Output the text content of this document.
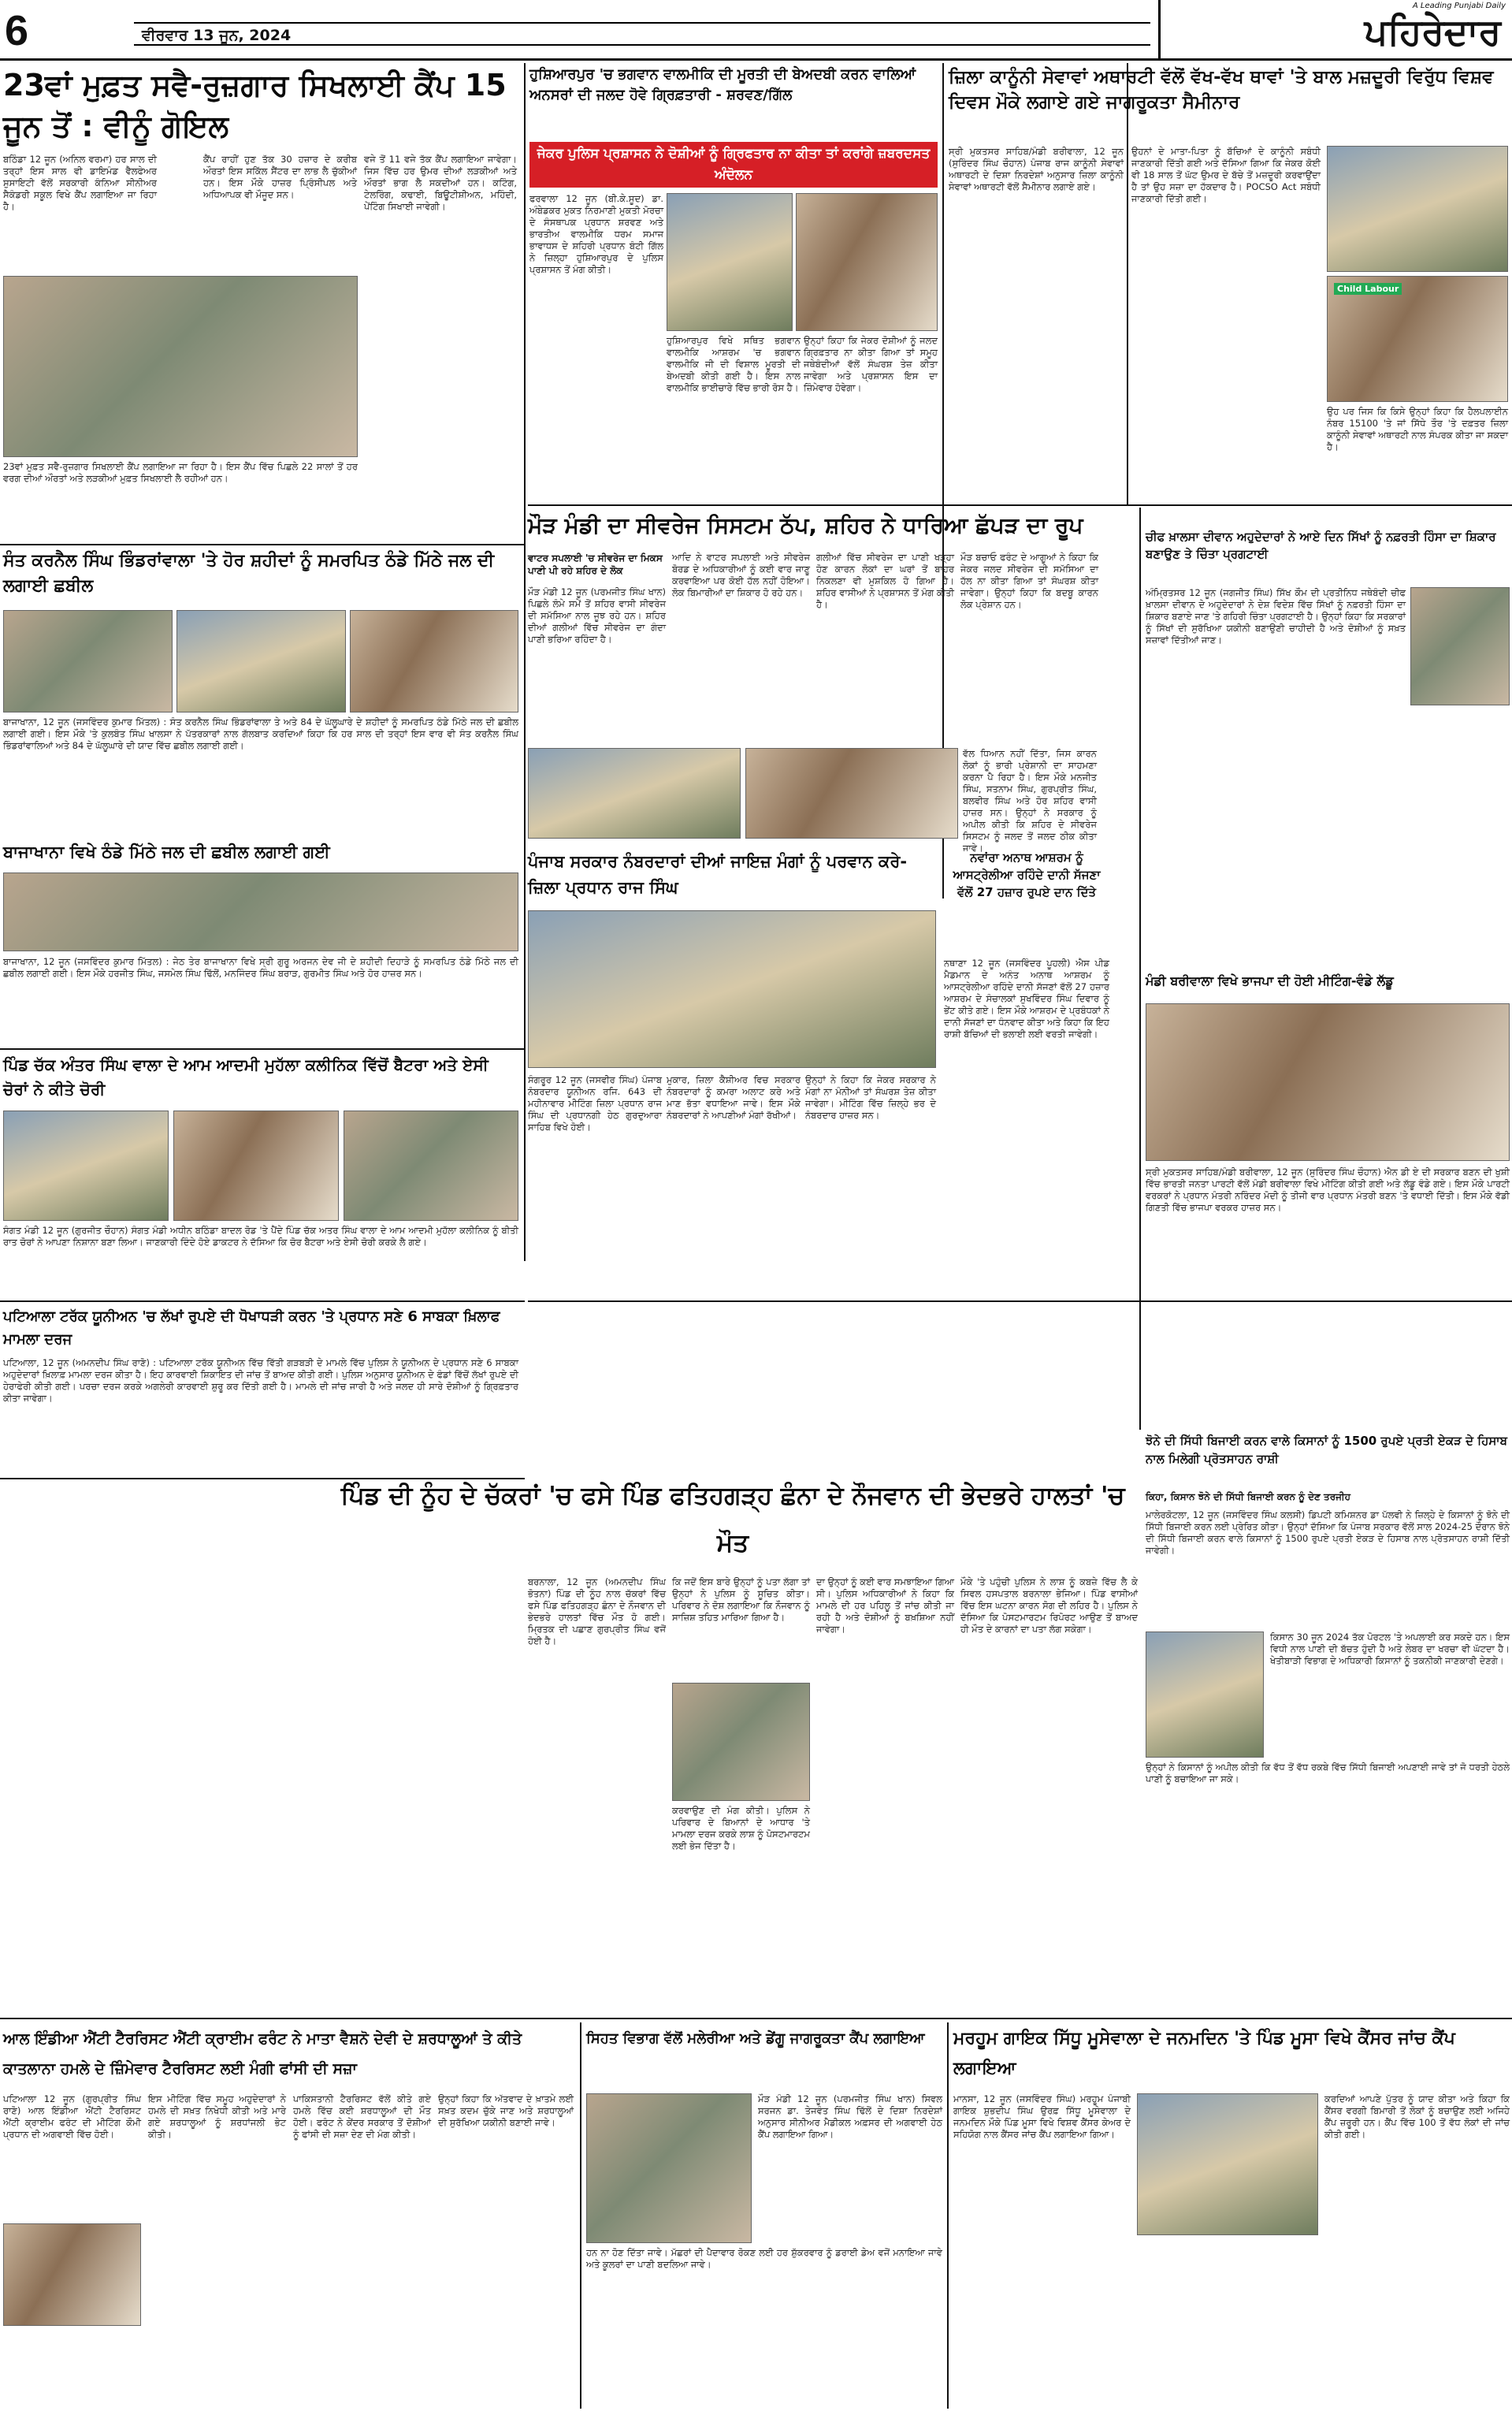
6	ਵੀਰਵਾਰ 13 ਜੂਨ, 2024
A Leading Punjabi Daily
ਪਹਿਰੇਦਾਰ
23ਵਾਂ ਮੁਫ਼ਤ ਸਵੈ-ਰੁਜ਼ਗਾਰ ਸਿਖਲਾਈ ਕੈਂਪ 15 ਜੂਨ ਤੋਂ : ਵੀਨੂੰ ਗੋਇਲ
ਬਠਿੰਡਾ 12 ਜੂਨ (ਅਨਿਲ ਵਰਮਾ) ਹਰ ਸਾਲ ਦੀ ਤਰ੍ਹਾਂ ਇਸ ਸਾਲ ਵੀ ਡਾਇਮੰਡ ਵੈਲਫੇਅਰ ਸੁਸਾਇਟੀ ਵੱਲੋਂ ਸਰਕਾਰੀ ਕੰਨਿਆ ਸੀਨੀਅਰ ਸੈਕੰਡਰੀ ਸਕੂਲ ਵਿਖੇ ਕੈਂਪ ਲਗਾਇਆ ਜਾ ਰਿਹਾ ਹੈ।
ਕੈਂਪ ਰਾਹੀਂ ਹੁਣ ਤੱਕ 30 ਹਜ਼ਾਰ ਦੇ ਕਰੀਬ ਔਰਤਾਂ ਇਸ ਸਕਿੱਲ ਸੈਂਟਰ ਦਾ ਲਾਭ ਲੈ ਚੁੱਕੀਆਂ ਹਨ। ਇਸ ਮੌਕੇ ਹਾਜ਼ਰ ਪ੍ਰਿੰਸੀਪਲ ਅਤੇ ਅਧਿਆਪਕ ਵੀ ਮੌਜੂਦ ਸਨ।
ਵਜੇ ਤੋਂ 11 ਵਜੇ ਤੱਕ ਕੈਂਪ ਲਗਾਇਆ ਜਾਵੇਗਾ। ਜਿਸ ਵਿੱਚ ਹਰ ਉਮਰ ਦੀਆਂ ਲੜਕੀਆਂ ਅਤੇ ਔਰਤਾਂ ਭਾਗ ਲੈ ਸਕਦੀਆਂ ਹਨ। ਕਟਿੰਗ, ਟੇਲਰਿੰਗ, ਕਢਾਈ, ਬਿਊਟੀਸ਼ੀਅਨ, ਮਹਿੰਦੀ, ਪੇਂਟਿੰਗ ਸਿਖਾਈ ਜਾਵੇਗੀ।
23ਵਾਂ ਮੁਫ਼ਤ ਸਵੈ-ਰੁਜ਼ਗਾਰ ਸਿਖਲਾਈ ਕੈਂਪ ਲਗਾਇਆ ਜਾ ਰਿਹਾ ਹੈ। ਇਸ ਕੈਂਪ ਵਿੱਚ ਪਿਛਲੇ 22 ਸਾਲਾਂ ਤੋਂ ਹਰ ਵਰਗ ਦੀਆਂ ਔਰਤਾਂ ਅਤੇ ਲੜਕੀਆਂ ਮੁਫ਼ਤ ਸਿਖਲਾਈ ਲੈ ਰਹੀਆਂ ਹਨ।
ਹੁਸ਼ਿਆਰਪੁਰ 'ਚ ਭਗਵਾਨ ਵਾਲਮੀਕਿ ਦੀ ਮੂਰਤੀ ਦੀ ਬੇਅਦਬੀ ਕਰਨ ਵਾਲਿਆਂ ਅਨਸਰਾਂ ਦੀ ਜਲਦ ਹੋਵੇ ਗ੍ਰਿਫ਼ਤਾਰੀ - ਸ਼ਰਵਣ/ਗਿੱਲ
ਜੇਕਰ ਪੁਲਿਸ ਪ੍ਰਸ਼ਾਸਨ ਨੇ ਦੋਸ਼ੀਆਂ ਨੂੰ ਗ੍ਰਿਫਤਾਰ ਨਾ ਕੀਤਾ ਤਾਂ ਕਰਾਂਗੇ ਜ਼ਬਰਦਸਤ ਅੰਦੋਲਨ
ਫਰਵਾਲਾ 12 ਜੂਨ (ਬੀ.ਕੇ.ਸੂਦ) ਡਾ. ਅੰਬੇਡਕਰ ਮੁਕਤ ਨਿਰਮਾਣੀ ਮੁਕਤੀ ਮੋਰਚਾ ਦੇ ਸੰਸਥਾਪਕ ਪ੍ਰਧਾਨ ਸ਼ਰਵਣ ਅਤੇ ਭਾਰਤੀਅ ਵਾਲਮੀਕਿ ਧਰਮ ਸਮਾਜ ਭਾਵਾਧਸ ਦੇ ਸ਼ਹਿਰੀ ਪ੍ਰਧਾਨ ਬੰਟੀ ਗਿੱਲ ਨੇ ਜ਼ਿਲ੍ਹਾ ਹੁਸ਼ਿਆਰਪੁਰ ਦੇ ਪੁਲਿਸ ਪ੍ਰਸ਼ਾਸਨ ਤੋਂ ਮੰਗ ਕੀਤੀ।
ਹੁਸ਼ਿਆਰਪੁਰ ਵਿਖੇ ਸਥਿਤ ਭਗਵਾਨ ਵਾਲਮੀਕਿ ਆਸ਼ਰਮ 'ਚ ਭਗਵਾਨ ਵਾਲਮੀਕਿ ਜੀ ਦੀ ਵਿਸ਼ਾਲ ਮੂਰਤੀ ਦੀ ਬੇਅਦਬੀ ਕੀਤੀ ਗਈ ਹੈ। ਇਸ ਨਾਲ ਵਾਲਮੀਕਿ ਭਾਈਚਾਰੇ ਵਿੱਚ ਭਾਰੀ ਰੋਸ ਹੈ।
ਉਨ੍ਹਾਂ ਕਿਹਾ ਕਿ ਜੇਕਰ ਦੋਸ਼ੀਆਂ ਨੂੰ ਜਲਦ ਗ੍ਰਿਫ਼ਤਾਰ ਨਾ ਕੀਤਾ ਗਿਆ ਤਾਂ ਸਮੂਹ ਜਥੇਬੰਦੀਆਂ ਵੱਲੋਂ ਸੰਘਰਸ਼ ਤੇਜ਼ ਕੀਤਾ ਜਾਵੇਗਾ ਅਤੇ ਪ੍ਰਸ਼ਾਸਨ ਇਸ ਦਾ ਜ਼ਿੰਮੇਵਾਰ ਹੋਵੇਗਾ।
ਜ਼ਿਲਾ ਕਾਨੂੰਨੀ ਸੇਵਾਵਾਂ ਅਥਾਰਟੀ ਵੱਲੋਂ ਵੱਖ-ਵੱਖ ਥਾਵਾਂ 'ਤੇ ਬਾਲ ਮਜ਼ਦੂਰੀ ਵਿਰੁੱਧ ਵਿਸ਼ਵ ਦਿਵਸ ਮੌਕੇ ਲਗਾਏ ਗਏ ਜਾਗਰੂਕਤਾ ਸੈਮੀਨਾਰ
ਸ੍ਰੀ ਮੁਕਤਸਰ ਸਾਹਿਬ/ਮੰਡੀ ਬਰੀਵਾਲਾ, 12 ਜੂਨ (ਸੁਰਿੰਦਰ ਸਿੰਘ ਚੌਹਾਨ) ਪੰਜਾਬ ਰਾਜ ਕਾਨੂੰਨੀ ਸੇਵਾਵਾਂ ਅਥਾਰਟੀ ਦੇ ਦਿਸ਼ਾ ਨਿਰਦੇਸ਼ਾਂ ਅਨੁਸਾਰ ਜ਼ਿਲਾ ਕਾਨੂੰਨੀ ਸੇਵਾਵਾਂ ਅਥਾਰਟੀ ਵੱਲੋਂ ਸੈਮੀਨਾਰ ਲਗਾਏ ਗਏ।
ਉਹਨਾਂ ਦੇ ਮਾਤਾ-ਪਿਤਾ ਨੂੰ ਬੱਚਿਆਂ ਦੇ ਕਾਨੂੰਨੀ ਸਬੰਧੀ ਜਾਣਕਾਰੀ ਦਿੱਤੀ ਗਈ ਅਤੇ ਦੱਸਿਆ ਗਿਆ ਕਿ ਜੇਕਰ ਕੋਈ ਵੀ 18 ਸਾਲ ਤੋਂ ਘੱਟ ਉਮਰ ਦੇ ਬੱਚੇ ਤੋਂ ਮਜ਼ਦੂਰੀ ਕਰਵਾਉਂਦਾ ਹੈ ਤਾਂ ਉਹ ਸਜ਼ਾ ਦਾ ਹੱਕਦਾਰ ਹੈ। POCSO Act ਸਬੰਧੀ ਜਾਣਕਾਰੀ ਦਿੱਤੀ ਗਈ।
Child Labour
ਉਹ ਪਰ ਜਿਸ ਕਿ ਕਿਸੇ ਉਨ੍ਹਾਂ ਕਿਹਾ ਕਿ ਹੈਲਪਲਾਈਨ ਨੰਬਰ 15100 'ਤੇ ਜਾਂ ਸਿੱਧੇ ਤੌਰ 'ਤੇ ਦਫ਼ਤਰ ਜ਼ਿਲਾ ਕਾਨੂੰਨੀ ਸੇਵਾਵਾਂ ਅਥਾਰਟੀ ਨਾਲ ਸੰਪਰਕ ਕੀਤਾ ਜਾ ਸਕਦਾ ਹੈ।
ਸੰਤ ਕਰਨੈਲ ਸਿੰਘ ਭਿੰਡਰਾਂਵਾਲਾ 'ਤੇ ਹੋਰ ਸ਼ਹੀਦਾਂ ਨੂੰ ਸਮਰਪਿਤ ਠੰਡੇ ਮਿੱਠੇ ਜਲ ਦੀ ਲਗਾਈ ਛਬੀਲ
ਬਾਜਾਖਾਨਾ, 12 ਜੂਨ (ਜਸਵਿੰਦਰ ਕੁਮਾਰ ਮਿੱਤਲ) : ਸੰਤ ਕਰਨੈਲ ਸਿੰਘ ਭਿੰਡਰਾਂਵਾਲਾ ਤੇ ਅਤੇ 84 ਦੇ ਘੱਲੂਘਾਰੇ ਦੇ ਸ਼ਹੀਦਾਂ ਨੂੰ ਸਮਰਪਿਤ ਠੰਡੇ ਮਿੱਠੇ ਜਲ ਦੀ ਛਬੀਲ ਲਗਾਈ ਗਈ। ਇਸ ਮੌਕੇ 'ਤੇ ਕੁਲਬੰਤ ਸਿੰਘ ਖਾਲਸਾ ਨੇ ਪੱਤਰਕਾਰਾਂ ਨਾਲ ਗੱਲਬਾਤ ਕਰਦਿਆਂ ਕਿਹਾ ਕਿ ਹਰ ਸਾਲ ਦੀ ਤਰ੍ਹਾਂ ਇਸ ਵਾਰ ਵੀ ਸੰਤ ਕਰਨੈਲ ਸਿੰਘ ਭਿੰਡਰਾਂਵਾਲਿਆਂ ਅਤੇ 84 ਦੇ ਘੱਲੂਘਾਰੇ ਦੀ ਯਾਦ ਵਿੱਚ ਛਬੀਲ ਲਗਾਈ ਗਈ।
ਬਾਜਾਖਾਨਾ ਵਿਖੇ ਠੰਡੇ ਮਿੱਠੇ ਜਲ ਦੀ ਛਬੀਲ ਲਗਾਈ ਗਈ
ਬਾਜਾਖਾਨਾ, 12 ਜੂਨ (ਜਸਵਿੰਦਰ ਕੁਮਾਰ ਮਿੱਤਲ) : ਜੇਠ ਤੇਰ ਬਾਜਾਖਾਨਾ ਵਿਖੇ ਸ੍ਰੀ ਗੁਰੂ ਅਰਜਨ ਦੇਵ ਜੀ ਦੇ ਸ਼ਹੀਦੀ ਦਿਹਾੜੇ ਨੂੰ ਸਮਰਪਿਤ ਠੰਡੇ ਮਿੱਠੇ ਜਲ ਦੀ ਛਬੀਲ ਲਗਾਈ ਗਈ। ਇਸ ਮੌਕੇ ਹਰਜੀਤ ਸਿੰਘ, ਜਸਮੇਲ ਸਿੰਘ ਢਿੱਲੋਂ, ਮਨਜਿੰਦਰ ਸਿੰਘ ਬਰਾੜ, ਗੁਰਮੀਤ ਸਿੰਘ ਅਤੇ ਹੋਰ ਹਾਜ਼ਰ ਸਨ।
ਪਿੰਡ ਚੱਕ ਅੰਤਰ ਸਿੰਘ ਵਾਲਾ ਦੇ ਆਮ ਆਦਮੀ ਮੁਹੱਲਾ ਕਲੀਨਿਕ ਵਿੱਚੋਂ ਬੈਟਰਾ ਅਤੇ ਏਸੀ ਚੋਰਾਂ ਨੇ ਕੀਤੇ ਚੋਰੀ
ਸੰਗਤ ਮੰਡੀ 12 ਜੂਨ (ਗੁਰਜੀਤ ਚੌਹਾਨ) ਸੰਗਤ ਮੰਡੀ ਅਧੀਨ ਬਠਿੰਡਾ ਬਾਦਲ ਰੋਡ 'ਤੇ ਪੈਂਦੇ ਪਿੰਡ ਚੱਕ ਅਤਰ ਸਿੰਘ ਵਾਲਾ ਦੇ ਆਮ ਆਦਮੀ ਮੁਹੱਲਾ ਕਲੀਨਿਕ ਨੂੰ ਬੀਤੀ ਰਾਤ ਚੋਰਾਂ ਨੇ ਆਪਣਾ ਨਿਸ਼ਾਨਾ ਬਣਾ ਲਿਆ। ਜਾਣਕਾਰੀ ਦਿੰਦੇ ਹੋਏ ਡਾਕਟਰ ਨੇ ਦੱਸਿਆ ਕਿ ਚੋਰ ਬੈਟਰਾ ਅਤੇ ਏਸੀ ਚੋਰੀ ਕਰਕੇ ਲੈ ਗਏ।
ਪਟਿਆਲਾ ਟਰੱਕ ਯੂਨੀਅਨ 'ਚ ਲੱਖਾਂ ਰੁਪਏ ਦੀ ਧੋਖਾਧੜੀ ਕਰਨ 'ਤੇ ਪ੍ਰਧਾਨ ਸਣੇ 6 ਸਾਬਕਾ ਖ਼ਿਲਾਫ ਮਾਮਲਾ ਦਰਜ
ਪਟਿਆਲਾ, 12 ਜੂਨ (ਅਮਨਦੀਪ ਸਿੰਘ ਰਾਣੋ) : ਪਟਿਆਲਾ ਟਰੱਕ ਯੂਨੀਅਨ ਵਿੱਚ ਵਿੱਤੀ ਗੜਬੜੀ ਦੇ ਮਾਮਲੇ ਵਿੱਚ ਪੁਲਿਸ ਨੇ ਯੂਨੀਅਨ ਦੇ ਪ੍ਰਧਾਨ ਸਣੇ 6 ਸਾਬਕਾ ਅਹੁਦੇਦਾਰਾਂ ਖ਼ਿਲਾਫ਼ ਮਾਮਲਾ ਦਰਜ ਕੀਤਾ ਹੈ। ਇਹ ਕਾਰਵਾਈ ਸ਼ਿਕਾਇਤ ਦੀ ਜਾਂਚ ਤੋਂ ਬਾਅਦ ਕੀਤੀ ਗਈ। ਪੁਲਿਸ ਅਨੁਸਾਰ ਯੂਨੀਅਨ ਦੇ ਫੰਡਾਂ ਵਿੱਚੋਂ ਲੱਖਾਂ ਰੁਪਏ ਦੀ ਹੇਰਾਫੇਰੀ ਕੀਤੀ ਗਈ। ਪਰਚਾ ਦਰਜ ਕਰਕੇ ਅਗਲੇਰੀ ਕਾਰਵਾਈ ਸ਼ੁਰੂ ਕਰ ਦਿੱਤੀ ਗਈ ਹੈ। ਮਾਮਲੇ ਦੀ ਜਾਂਚ ਜਾਰੀ ਹੈ ਅਤੇ ਜਲਦ ਹੀ ਸਾਰੇ ਦੋਸ਼ੀਆਂ ਨੂੰ ਗ੍ਰਿਫ਼ਤਾਰ ਕੀਤਾ ਜਾਵੇਗਾ।
ਮੌੜ ਮੰਡੀ ਦਾ ਸੀਵਰੇਜ ਸਿਸਟਮ ਠੱਪ, ਸ਼ਹਿਰ ਨੇ ਧਾਰਿਆ ਛੱਪੜ ਦਾ ਰੂਪ
ਵਾਟਰ ਸਪਲਾਈ 'ਚ ਸੀਵਰੇਜ ਦਾ ਮਿਕਸ ਪਾਣੀ ਪੀ ਰਹੇ ਸ਼ਹਿਰ ਦੇ ਲੋਕ
ਮੌੜ ਮੰਡੀ 12 ਜੂਨ (ਪਰਮਜੀਤ ਸਿੰਘ ਖਾਨ) ਪਿਛਲੇ ਲੰਮੇ ਸਮੇਂ ਤੋਂ ਸ਼ਹਿਰ ਵਾਸੀ ਸੀਵਰੇਜ ਦੀ ਸਮੱਸਿਆ ਨਾਲ ਜੂਝ ਰਹੇ ਹਨ। ਸ਼ਹਿਰ ਦੀਆਂ ਗਲੀਆਂ ਵਿੱਚ ਸੀਵਰੇਜ ਦਾ ਗੰਦਾ ਪਾਣੀ ਭਰਿਆ ਰਹਿੰਦਾ ਹੈ।
ਆਦਿ ਨੇ ਵਾਟਰ ਸਪਲਾਈ ਅਤੇ ਸੀਵਰੇਜ ਬੋਰਡ ਦੇ ਅਧਿਕਾਰੀਆਂ ਨੂੰ ਕਈ ਵਾਰ ਜਾਣੂ ਕਰਵਾਇਆ ਪਰ ਕੋਈ ਹੱਲ ਨਹੀਂ ਹੋਇਆ। ਲੋਕ ਬਿਮਾਰੀਆਂ ਦਾ ਸ਼ਿਕਾਰ ਹੋ ਰਹੇ ਹਨ।
ਗਲੀਆਂ ਵਿੱਚ ਸੀਵਰੇਜ ਦਾ ਪਾਣੀ ਖੜ੍ਹਾ ਹੋਣ ਕਾਰਨ ਲੋਕਾਂ ਦਾ ਘਰਾਂ ਤੋਂ ਬਾਹਰ ਨਿਕਲਣਾ ਵੀ ਮੁਸ਼ਕਿਲ ਹੋ ਗਿਆ ਹੈ। ਸ਼ਹਿਰ ਵਾਸੀਆਂ ਨੇ ਪ੍ਰਸ਼ਾਸਨ ਤੋਂ ਮੰਗ ਕੀਤੀ ਹੈ।
ਮੌੜ ਬਚਾਓ ਫਰੰਟ ਦੇ ਆਗੂਆਂ ਨੇ ਕਿਹਾ ਕਿ ਜੇਕਰ ਜਲਦ ਸੀਵਰੇਜ ਦੀ ਸਮੱਸਿਆ ਦਾ ਹੱਲ ਨਾ ਕੀਤਾ ਗਿਆ ਤਾਂ ਸੰਘਰਸ਼ ਕੀਤਾ ਜਾਵੇਗਾ। ਉਨ੍ਹਾਂ ਕਿਹਾ ਕਿ ਬਦਬੂ ਕਾਰਨ ਲੋਕ ਪ੍ਰੇਸ਼ਾਨ ਹਨ।
ਵੱਲ ਧਿਆਨ ਨਹੀਂ ਦਿੱਤਾ, ਜਿਸ ਕਾਰਨ ਲੋਕਾਂ ਨੂੰ ਭਾਰੀ ਪ੍ਰੇਸ਼ਾਨੀ ਦਾ ਸਾਹਮਣਾ ਕਰਨਾ ਪੈ ਰਿਹਾ ਹੈ। ਇਸ ਮੌਕੇ ਮਨਜੀਤ ਸਿੰਘ, ਸਤਨਾਮ ਸਿੰਘ, ਗੁਰਪ੍ਰੀਤ ਸਿੰਘ, ਬਲਵੀਰ ਸਿੰਘ ਅਤੇ ਹੋਰ ਸ਼ਹਿਰ ਵਾਸੀ ਹਾਜ਼ਰ ਸਨ। ਉਨ੍ਹਾਂ ਨੇ ਸਰਕਾਰ ਨੂੰ ਅਪੀਲ ਕੀਤੀ ਕਿ ਸ਼ਹਿਰ ਦੇ ਸੀਵਰੇਜ ਸਿਸਟਮ ਨੂੰ ਜਲਦ ਤੋਂ ਜਲਦ ਠੀਕ ਕੀਤਾ ਜਾਵੇ।
ਨਵਾਂਰਾ ਅਨਾਥ ਆਸ਼ਰਮ ਨੂੰ ਆਸਟ੍ਰੇਲੀਆ ਰਹਿੰਦੇ ਦਾਨੀ ਸੱਜਣਾ ਵੱਲੋਂ 27 ਹਜ਼ਾਰ ਰੁਪਏ ਦਾਨ ਦਿੱਤੇ
ਨਥਾਣਾ 12 ਜੂਨ (ਜਸਵਿੰਦਰ ਪੂਹਲੀ) ਐਸ ਪੀਡ ਮੈਡਮਾਨ ਦੇ ਅਨੰਤ ਅਨਾਥ ਆਸ਼ਰਮ ਨੂੰ ਆਸਟ੍ਰੇਲੀਆ ਰਹਿੰਦੇ ਦਾਨੀ ਸੱਜਣਾਂ ਵੱਲੋਂ 27 ਹਜ਼ਾਰ ਆਸ਼ਰਮ ਦੇ ਸੰਚਾਲਕਾਂ ਸੁਖਵਿੰਦਰ ਸਿੰਘ ਦਿਵਾਰ ਨੂੰ ਭੇਂਟ ਕੀਤੇ ਗਏ। ਇਸ ਮੌਕੇ ਆਸ਼ਰਮ ਦੇ ਪ੍ਰਬੰਧਕਾਂ ਨੇ ਦਾਨੀ ਸੱਜਣਾਂ ਦਾ ਧੰਨਵਾਦ ਕੀਤਾ ਅਤੇ ਕਿਹਾ ਕਿ ਇਹ ਰਾਸ਼ੀ ਬੱਚਿਆਂ ਦੀ ਭਲਾਈ ਲਈ ਵਰਤੀ ਜਾਵੇਗੀ।
ਚੀਫ ਖ਼ਾਲਸਾ ਦੀਵਾਨ ਅਹੁਦੇਦਾਰਾਂ ਨੇ ਆਏ ਦਿਨ ਸਿੱਖਾਂ ਨੂੰ ਨਫ਼ਰਤੀ ਹਿੰਸਾ ਦਾ ਸ਼ਿਕਾਰ ਬਣਾਉਣ ਤੇ ਚਿੰਤਾ ਪ੍ਰਗਟਾਈ
ਅੰਮ੍ਰਿਤਸਰ 12 ਜੂਨ (ਜਗਜੀਤ ਸਿੰਘ) ਸਿੱਖ ਕੌਮ ਦੀ ਪ੍ਰਤੀਨਿਧ ਜਥੇਬੰਦੀ ਚੀਫ ਖ਼ਾਲਸਾ ਦੀਵਾਨ ਦੇ ਅਹੁਦੇਦਾਰਾਂ ਨੇ ਦੇਸ਼ ਵਿਦੇਸ਼ ਵਿੱਚ ਸਿੱਖਾਂ ਨੂੰ ਨਫ਼ਰਤੀ ਹਿੰਸਾ ਦਾ ਸ਼ਿਕਾਰ ਬਣਾਏ ਜਾਣ 'ਤੇ ਗਹਿਰੀ ਚਿੰਤਾ ਪ੍ਰਗਟਾਈ ਹੈ। ਉਨ੍ਹਾਂ ਕਿਹਾ ਕਿ ਸਰਕਾਰਾਂ ਨੂੰ ਸਿੱਖਾਂ ਦੀ ਸੁਰੱਖਿਆ ਯਕੀਨੀ ਬਣਾਉਣੀ ਚਾਹੀਦੀ ਹੈ ਅਤੇ ਦੋਸ਼ੀਆਂ ਨੂੰ ਸਖ਼ਤ ਸਜ਼ਾਵਾਂ ਦਿੱਤੀਆਂ ਜਾਣ।
ਪੰਜਾਬ ਸਰਕਾਰ ਨੰਬਰਦਾਰਾਂ ਦੀਆਂ ਜਾਇਜ਼ ਮੰਗਾਂ ਨੂੰ ਪਰਵਾਨ ਕਰੇ- ਜ਼ਿਲਾ ਪ੍ਰਧਾਨ ਰਾਜ ਸਿੰਘ
ਸੰਗਰੂਰ 12 ਜੂਨ (ਜਸਵੀਰ ਸਿੰਘ) ਪੰਜਾਬ ਨੰਬਰਦਾਰ ਯੂਨੀਅਨ ਰਜਿ. 643 ਦੀ ਮਹੀਨਾਵਾਰ ਮੀਟਿੰਗ ਜ਼ਿਲਾ ਪ੍ਰਧਾਨ ਰਾਜ ਸਿੰਘ ਦੀ ਪ੍ਰਧਾਨਗੀ ਹੇਠ ਗੁਰਦੁਆਰਾ ਸਾਹਿਬ ਵਿਖੇ ਹੋਈ।
ਮੁਕਾਰ, ਜ਼ਿਲਾ ਕੈਸ਼ੀਅਰ ਵਿਚ ਸਰਕਾਰ ਨੰਬਰਦਾਰਾਂ ਨੂੰ ਕਮਰਾ ਅਲਾਟ ਕਰੇ ਅਤੇ ਮਾਣ ਭੱਤਾ ਵਧਾਇਆ ਜਾਵੇ। ਇਸ ਮੌਕੇ ਨੰਬਰਦਾਰਾਂ ਨੇ ਆਪਣੀਆਂ ਮੰਗਾਂ ਰੱਖੀਆਂ।
ਉਨ੍ਹਾਂ ਨੇ ਕਿਹਾ ਕਿ ਜੇਕਰ ਸਰਕਾਰ ਨੇ ਮੰਗਾਂ ਨਾ ਮੰਨੀਆਂ ਤਾਂ ਸੰਘਰਸ਼ ਤੇਜ਼ ਕੀਤਾ ਜਾਵੇਗਾ। ਮੀਟਿੰਗ ਵਿੱਚ ਜ਼ਿਲ੍ਹੇ ਭਰ ਦੇ ਨੰਬਰਦਾਰ ਹਾਜ਼ਰ ਸਨ।
ਮੰਡੀ ਬਰੀਵਾਲਾ ਵਿਖੇ ਭਾਜਪਾ ਦੀ ਹੋਈ ਮੀਟਿੰਗ-ਵੰਡੇ ਲੱਡੂ
ਸ੍ਰੀ ਮੁਕਤਸਰ ਸਾਹਿਬ/ਮੰਡੀ ਬਰੀਵਾਲਾ, 12 ਜੂਨ (ਸੁਰਿੰਦਰ ਸਿੰਘ ਚੌਹਾਨ) ਐਨ ਡੀ ਏ ਦੀ ਸਰਕਾਰ ਬਣਨ ਦੀ ਖੁਸ਼ੀ ਵਿੱਚ ਭਾਰਤੀ ਜਨਤਾ ਪਾਰਟੀ ਵੱਲੋਂ ਮੰਡੀ ਬਰੀਵਾਲਾ ਵਿਖੇ ਮੀਟਿੰਗ ਕੀਤੀ ਗਈ ਅਤੇ ਲੱਡੂ ਵੰਡੇ ਗਏ। ਇਸ ਮੌਕੇ ਪਾਰਟੀ ਵਰਕਰਾਂ ਨੇ ਪ੍ਰਧਾਨ ਮੰਤਰੀ ਨਰਿੰਦਰ ਮੋਦੀ ਨੂੰ ਤੀਜੀ ਵਾਰ ਪ੍ਰਧਾਨ ਮੰਤਰੀ ਬਣਨ 'ਤੇ ਵਧਾਈ ਦਿੱਤੀ। ਇਸ ਮੌਕੇ ਵੱਡੀ ਗਿਣਤੀ ਵਿੱਚ ਭਾਜਪਾ ਵਰਕਰ ਹਾਜ਼ਰ ਸਨ।
ਪਿੰਡ ਦੀ ਨੂੰਹ ਦੇ ਚੱਕਰਾਂ 'ਚ ਫਸੇ ਪਿੰਡ ਫਤਿਹਗੜ੍ਹ ਛੰਨਾ ਦੇ ਨੌਜਵਾਨ ਦੀ ਭੇਦਭਰੇ ਹਾਲਤਾਂ 'ਚ ਮੌਤ
ਬਰਨਾਲਾ, 12 ਜੂਨ (ਅਮਨਦੀਪ ਸਿੰਘ ਭੋਤਨਾ) ਪਿੰਡ ਦੀ ਨੂੰਹ ਨਾਲ ਚੱਕਰਾਂ ਵਿੱਚ ਫਸੇ ਪਿੰਡ ਫਤਿਹਗੜ੍ਹ ਛੰਨਾ ਦੇ ਨੌਜਵਾਨ ਦੀ ਭੇਦਭਰੇ ਹਾਲਤਾਂ ਵਿੱਚ ਮੌਤ ਹੋ ਗਈ। ਮ੍ਰਿਤਕ ਦੀ ਪਛਾਣ ਗੁਰਪ੍ਰੀਤ ਸਿੰਘ ਵਜੋਂ ਹੋਈ ਹੈ।
ਕਿ ਜਦੋਂ ਇਸ ਬਾਰੇ ਉਨ੍ਹਾਂ ਨੂੰ ਪਤਾ ਲੱਗਾ ਤਾਂ ਉਨ੍ਹਾਂ ਨੇ ਪੁਲਿਸ ਨੂੰ ਸੂਚਿਤ ਕੀਤਾ। ਪਰਿਵਾਰ ਨੇ ਦੋਸ਼ ਲਗਾਇਆ ਕਿ ਨੌਜਵਾਨ ਨੂੰ ਸਾਜ਼ਿਸ਼ ਤਹਿਤ ਮਾਰਿਆ ਗਿਆ ਹੈ।
ਕਰਵਾਉਣ ਦੀ ਮੰਗ ਕੀਤੀ। ਪੁਲਿਸ ਨੇ ਪਰਿਵਾਰ ਦੇ ਬਿਆਨਾਂ ਦੇ ਆਧਾਰ 'ਤੇ ਮਾਮਲਾ ਦਰਜ ਕਰਕੇ ਲਾਸ਼ ਨੂੰ ਪੋਸਟਮਾਰਟਮ ਲਈ ਭੇਜ ਦਿੱਤਾ ਹੈ।
ਦਾ ਉਨ੍ਹਾਂ ਨੂੰ ਕਈ ਵਾਰ ਸਮਝਾਇਆ ਗਿਆ ਸੀ। ਪੁਲਿਸ ਅਧਿਕਾਰੀਆਂ ਨੇ ਕਿਹਾ ਕਿ ਮਾਮਲੇ ਦੀ ਹਰ ਪਹਿਲੂ ਤੋਂ ਜਾਂਚ ਕੀਤੀ ਜਾ ਰਹੀ ਹੈ ਅਤੇ ਦੋਸ਼ੀਆਂ ਨੂੰ ਬਖ਼ਸ਼ਿਆ ਨਹੀਂ ਜਾਵੇਗਾ।
ਮੌਕੇ 'ਤੇ ਪਹੁੰਚੀ ਪੁਲਿਸ ਨੇ ਲਾਸ਼ ਨੂੰ ਕਬਜ਼ੇ ਵਿੱਚ ਲੈ ਕੇ ਸਿਵਲ ਹਸਪਤਾਲ ਬਰਨਾਲਾ ਭੇਜਿਆ। ਪਿੰਡ ਵਾਸੀਆਂ ਵਿੱਚ ਇਸ ਘਟਨਾ ਕਾਰਨ ਸੋਗ ਦੀ ਲਹਿਰ ਹੈ। ਪੁਲਿਸ ਨੇ ਦੱਸਿਆ ਕਿ ਪੋਸਟਮਾਰਟਮ ਰਿਪੋਰਟ ਆਉਣ ਤੋਂ ਬਾਅਦ ਹੀ ਮੌਤ ਦੇ ਕਾਰਨਾਂ ਦਾ ਪਤਾ ਲੱਗ ਸਕੇਗਾ।
ਝੋਨੇ ਦੀ ਸਿੱਧੀ ਬਿਜਾਈ ਕਰਨ ਵਾਲੇ ਕਿਸਾਨਾਂ ਨੂੰ 1500 ਰੁਪਏ ਪ੍ਰਤੀ ਏਕੜ ਦੇ ਹਿਸਾਬ ਨਾਲ ਮਿਲੇਗੀ ਪ੍ਰੋਤਸਾਹਨ ਰਾਸ਼ੀ
ਕਿਹਾ, ਕਿਸਾਨ ਝੋਨੇ ਦੀ ਸਿੱਧੀ ਬਿਜਾਈ ਕਰਨ ਨੂੰ ਦੇਣ ਤਰਜੀਹ
ਮਾਲੇਰਕੋਟਲਾ, 12 ਜੂਨ (ਜਸਵਿੰਦਰ ਸਿੰਘ ਕਲਸੀ) ਡਿਪਟੀ ਕਮਿਸ਼ਨਰ ਡਾ ਪੱਲਵੀ ਨੇ ਜ਼ਿਲ੍ਹੇ ਦੇ ਕਿਸਾਨਾਂ ਨੂੰ ਝੋਨੇ ਦੀ ਸਿੱਧੀ ਬਿਜਾਈ ਕਰਨ ਲਈ ਪ੍ਰੇਰਿਤ ਕੀਤਾ। ਉਨ੍ਹਾਂ ਦੱਸਿਆ ਕਿ ਪੰਜਾਬ ਸਰਕਾਰ ਵੱਲੋਂ ਸਾਲ 2024-25 ਦੌਰਾਨ ਝੋਨੇ ਦੀ ਸਿੱਧੀ ਬਿਜਾਈ ਕਰਨ ਵਾਲੇ ਕਿਸਾਨਾਂ ਨੂੰ 1500 ਰੁਪਏ ਪ੍ਰਤੀ ਏਕੜ ਦੇ ਹਿਸਾਬ ਨਾਲ ਪ੍ਰੋਤਸਾਹਨ ਰਾਸ਼ੀ ਦਿੱਤੀ ਜਾਵੇਗੀ।
ਕਿਸਾਨ 30 ਜੂਨ 2024 ਤੱਕ ਪੋਰਟਲ 'ਤੇ ਅਪਲਾਈ ਕਰ ਸਕਦੇ ਹਨ। ਇਸ ਵਿਧੀ ਨਾਲ ਪਾਣੀ ਦੀ ਬੱਚਤ ਹੁੰਦੀ ਹੈ ਅਤੇ ਲੇਬਰ ਦਾ ਖਰਚਾ ਵੀ ਘੱਟਦਾ ਹੈ। ਖੇਤੀਬਾੜੀ ਵਿਭਾਗ ਦੇ ਅਧਿਕਾਰੀ ਕਿਸਾਨਾਂ ਨੂੰ ਤਕਨੀਕੀ ਜਾਣਕਾਰੀ ਦੇਣਗੇ।
ਉਨ੍ਹਾਂ ਨੇ ਕਿਸਾਨਾਂ ਨੂੰ ਅਪੀਲ ਕੀਤੀ ਕਿ ਵੱਧ ਤੋਂ ਵੱਧ ਰਕਬੇ ਵਿੱਚ ਸਿੱਧੀ ਬਿਜਾਈ ਅਪਣਾਈ ਜਾਵੇ ਤਾਂ ਜੋ ਧਰਤੀ ਹੇਠਲੇ ਪਾਣੀ ਨੂੰ ਬਚਾਇਆ ਜਾ ਸਕੇ।
ਆਲ ਇੰਡੀਆ ਐਂਟੀ ਟੈਰਰਿਸਟ ਐਂਟੀ ਕ੍ਰਾਈਮ ਫਰੰਟ ਨੇ ਮਾਤਾ ਵੈਸ਼ਨੋ ਦੇਵੀ ਦੇ ਸ਼ਰਧਾਲੂਆਂ ਤੇ ਕੀਤੇ ਕਾਤਲਾਨਾ ਹਮਲੇ ਦੇ ਜ਼ਿੰਮੇਵਾਰ ਟੈਰਰਿਸਟ ਲਈ ਮੰਗੀ ਫਾਂਸੀ ਦੀ ਸਜ਼ਾ
ਪਟਿਆਲਾ 12 ਜੂਨ (ਗੁਰਪ੍ਰੀਤ ਸਿੰਘ ਰਾਣੋ) ਆਲ ਇੰਡੀਆ ਐਂਟੀ ਟੈਰਰਿਸਟ ਐਂਟੀ ਕ੍ਰਾਈਮ ਫਰੰਟ ਦੀ ਮੀਟਿੰਗ ਕੌਮੀ ਪ੍ਰਧਾਨ ਦੀ ਅਗਵਾਈ ਵਿੱਚ ਹੋਈ।
ਇਸ ਮੀਟਿੰਗ ਵਿੱਚ ਸਮੂਹ ਅਹੁਦੇਦਾਰਾਂ ਨੇ ਹਮਲੇ ਦੀ ਸਖ਼ਤ ਨਿਖੇਧੀ ਕੀਤੀ ਅਤੇ ਮਾਰੇ ਗਏ ਸ਼ਰਧਾਲੂਆਂ ਨੂੰ ਸ਼ਰਧਾਂਜਲੀ ਭੇਟ ਕੀਤੀ।
ਪਾਕਿਸਤਾਨੀ ਟੈਰਰਿਸਟ ਵੱਲੋਂ ਕੀਤੇ ਗਏ ਹਮਲੇ ਵਿੱਚ ਕਈ ਸ਼ਰਧਾਲੂਆਂ ਦੀ ਮੌਤ ਹੋਈ। ਫਰੰਟ ਨੇ ਕੇਂਦਰ ਸਰਕਾਰ ਤੋਂ ਦੋਸ਼ੀਆਂ ਨੂੰ ਫਾਂਸੀ ਦੀ ਸਜ਼ਾ ਦੇਣ ਦੀ ਮੰਗ ਕੀਤੀ।
ਉਨ੍ਹਾਂ ਕਿਹਾ ਕਿ ਅੱਤਵਾਦ ਦੇ ਖ਼ਾਤਮੇ ਲਈ ਸਖ਼ਤ ਕਦਮ ਚੁੱਕੇ ਜਾਣ ਅਤੇ ਸ਼ਰਧਾਲੂਆਂ ਦੀ ਸੁਰੱਖਿਆ ਯਕੀਨੀ ਬਣਾਈ ਜਾਵੇ।
ਸਿਹਤ ਵਿਭਾਗ ਵੱਲੋਂ ਮਲੇਰੀਆ ਅਤੇ ਡੇਂਗੂ ਜਾਗਰੂਕਤਾ ਕੈਂਪ ਲਗਾਇਆ
ਮੌੜ ਮੰਡੀ 12 ਜੂਨ (ਪਰਮਜੀਤ ਸਿੰਘ ਖਾਨ) ਸਿਵਲ ਸਰਜਨ ਡਾ. ਤੇਜਵੰਤ ਸਿੰਘ ਢਿੱਲੋਂ ਦੇ ਦਿਸ਼ਾ ਨਿਰਦੇਸ਼ਾਂ ਅਨੁਸਾਰ ਸੀਨੀਅਰ ਮੈਡੀਕਲ ਅਫ਼ਸਰ ਦੀ ਅਗਵਾਈ ਹੇਠ ਕੈਂਪ ਲਗਾਇਆ ਗਿਆ।
ਹਨ ਨਾ ਹੋਣ ਦਿੱਤਾ ਜਾਵੇ। ਮੱਛਰਾਂ ਦੀ ਪੈਦਾਵਾਰ ਰੋਕਣ ਲਈ ਹਰ ਸ਼ੁੱਕਰਵਾਰ ਨੂੰ ਡਰਾਈ ਡੇਅ ਵਜੋਂ ਮਨਾਇਆ ਜਾਵੇ ਅਤੇ ਕੂਲਰਾਂ ਦਾ ਪਾਣੀ ਬਦਲਿਆ ਜਾਵੇ।
ਮਰਹੂਮ ਗਾਇਕ ਸਿੱਧੂ ਮੂਸੇਵਾਲਾ ਦੇ ਜਨਮਦਿਨ 'ਤੇ ਪਿੰਡ ਮੂਸਾ ਵਿਖੇ ਕੈਂਸਰ ਜਾਂਚ ਕੈਂਪ ਲਗਾਇਆ
ਮਾਨਸਾ, 12 ਜੂਨ (ਜਸਵਿੰਦਰ ਸਿੰਘ) ਮਰਹੂਮ ਪੰਜਾਬੀ ਗਾਇਕ ਸ਼ੁਭਦੀਪ ਸਿੰਘ ਉਰਫ਼ ਸਿੱਧੂ ਮੂਸੇਵਾਲਾ ਦੇ ਜਨਮਦਿਨ ਮੌਕੇ ਪਿੰਡ ਮੂਸਾ ਵਿਖੇ ਵਿਸ਼ਵ ਕੈਂਸਰ ਕੇਅਰ ਦੇ ਸਹਿਯੋਗ ਨਾਲ ਕੈਂਸਰ ਜਾਂਚ ਕੈਂਪ ਲਗਾਇਆ ਗਿਆ।
ਕਰਦਿਆਂ ਆਪਣੇ ਪੁੱਤਰ ਨੂੰ ਯਾਦ ਕੀਤਾ ਅਤੇ ਕਿਹਾ ਕਿ ਕੈਂਸਰ ਵਰਗੀ ਬਿਮਾਰੀ ਤੋਂ ਲੋਕਾਂ ਨੂੰ ਬਚਾਉਣ ਲਈ ਅਜਿਹੇ ਕੈਂਪ ਜ਼ਰੂਰੀ ਹਨ। ਕੈਂਪ ਵਿੱਚ 100 ਤੋਂ ਵੱਧ ਲੋਕਾਂ ਦੀ ਜਾਂਚ ਕੀਤੀ ਗਈ।
